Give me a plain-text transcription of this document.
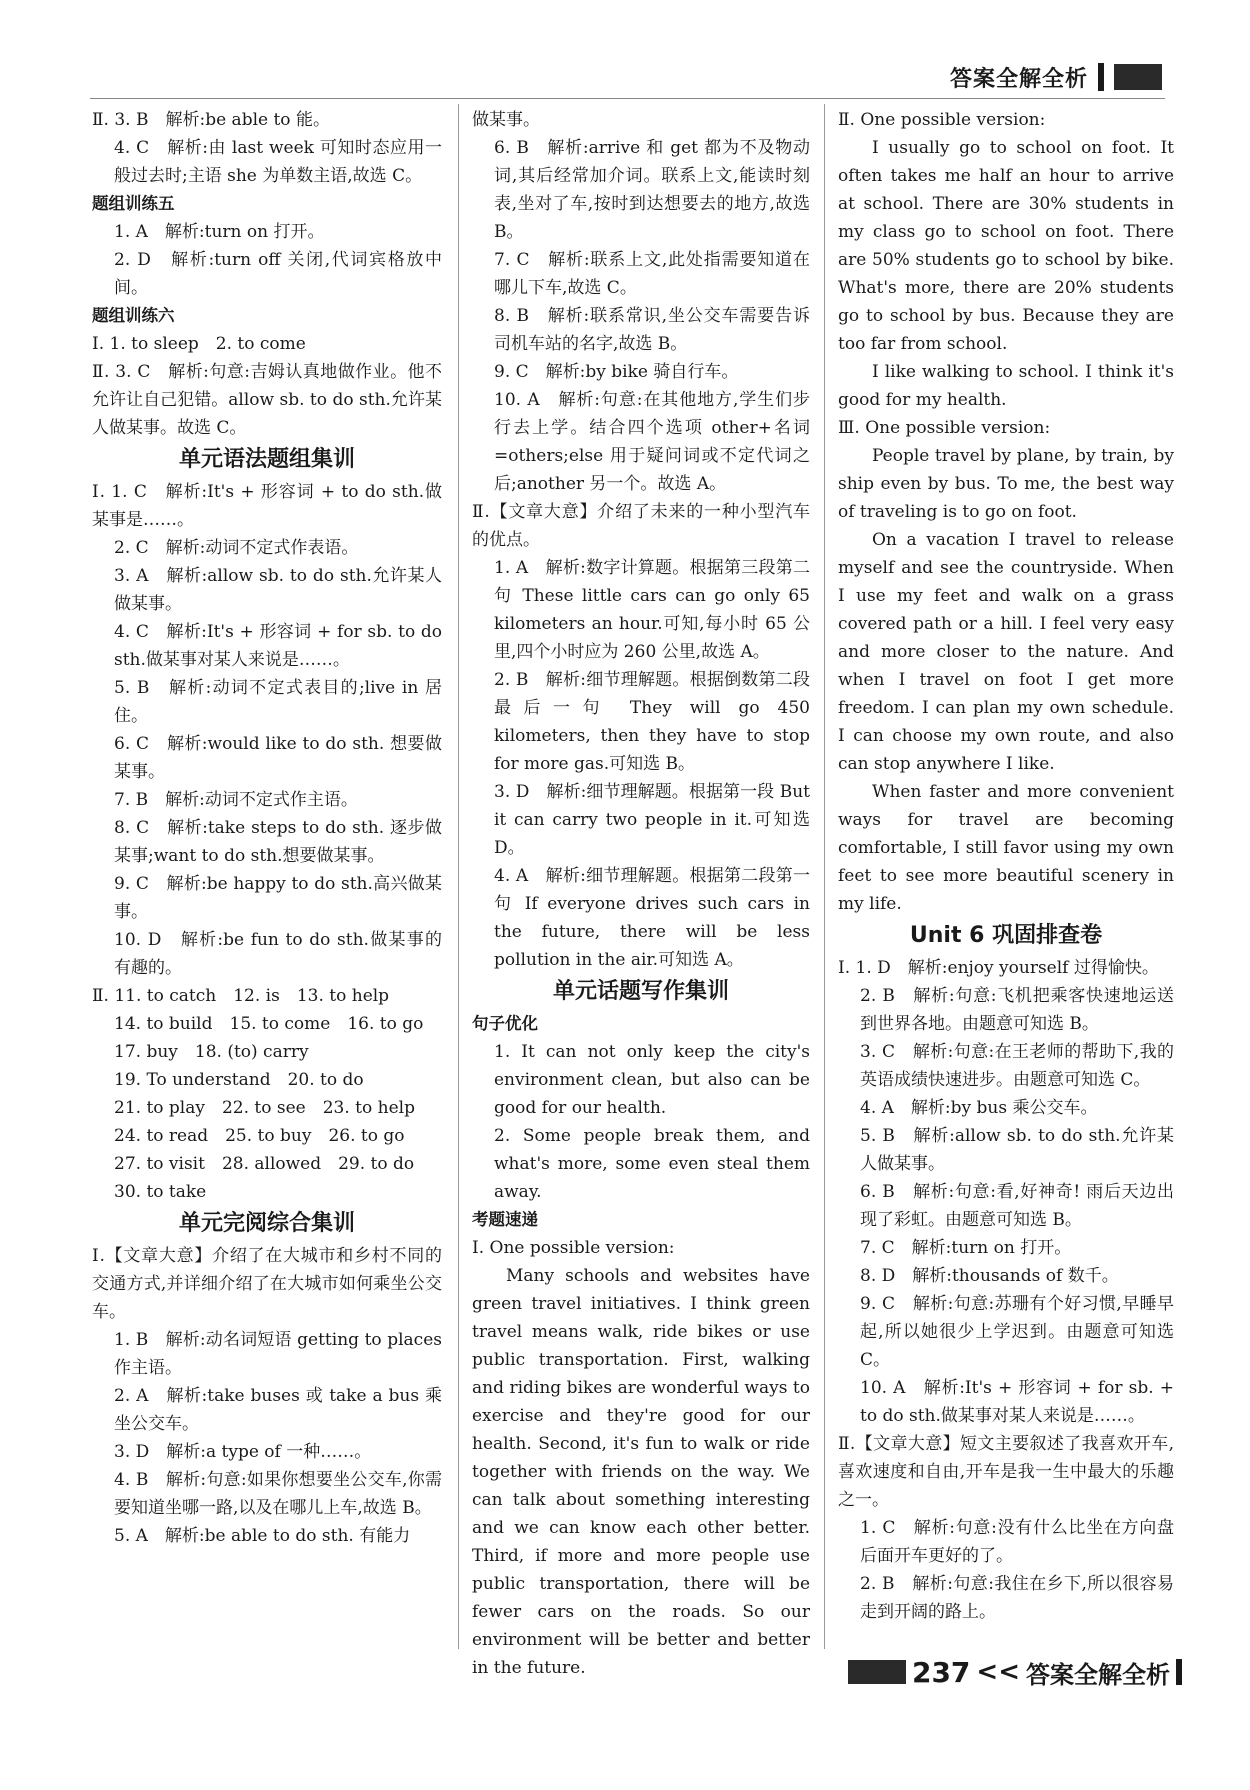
答案全解全析
Ⅱ. 3. B　解析:be able to 能。
4. C　解析:由 last week 可知时态应用一般过去时;主语 she 为单数主语,故选 C。
题组训练五
1. A　解析:turn on 打开。
2. D　解析:turn off 关闭,代词宾格放中间。
题组训练六
Ⅰ. 1. to sleep　2. to come
Ⅱ. 3. C　解析:句意:吉姆认真地做作业。他不允许让自己犯错。allow sb. to do sth.允许某人做某事。故选 C。
单元语法题组集训
Ⅰ. 1. C　解析:It's + 形容词 + to do sth.做某事是……。
2. C　解析:动词不定式作表语。
3. A　解析:allow sb. to do sth.允许某人做某事。
4. C　解析:It's + 形容词 + for sb. to do sth.做某事对某人来说是……。
5. B　解析:动词不定式表目的;live in 居住。
6. C　解析:would like to do sth. 想要做某事。
7. B　解析:动词不定式作主语。
8. C　解析:take steps to do sth. 逐步做某事;want to do sth.想要做某事。
9. C　解析:be happy to do sth.高兴做某事。
10. D　解析:be fun to do sth.做某事的有趣的。
Ⅱ. 11. to catch　12. is　13. to help
14. to build　15. to come　16. to go
17. buy　18. (to) carry
19. To understand　20. to do
21. to play　22. to see　23. to help
24. to read　25. to buy　26. to go
27. to visit　28. allowed　29. to do
30. to take
单元完阅综合集训
Ⅰ.【文章大意】介绍了在大城市和乡村不同的交通方式,并详细介绍了在大城市如何乘坐公交车。
1. B　解析:动名词短语 getting to places 作主语。
2. A　解析:take buses 或 take a bus 乘坐公交车。
3. D　解析:a type of 一种……。
4. B　解析:句意:如果你想要坐公交车,你需要知道坐哪一路,以及在哪儿上车,故选 B。
5. A　解析:be able to do sth. 有能力
做某事。
6. B　解析:arrive 和 get 都为不及物动词,其后经常加介词。联系上文,能读时刻表,坐对了车,按时到达想要去的地方,故选 B。
7. C　解析:联系上文,此处指需要知道在哪儿下车,故选 C。
8. B　解析:联系常识,坐公交车需要告诉司机车站的名字,故选 B。
9. C　解析:by bike 骑自行车。
10. A　解析:句意:在其他地方,学生们步行去上学。结合四个选项 other+名词=others;else 用于疑问词或不定代词之后;another 另一个。故选 A。
Ⅱ.【文章大意】介绍了未来的一种小型汽车的优点。
1. A　解析:数字计算题。根据第三段第二句 These little cars can go only 65 kilometers an hour.可知,每小时 65 公里,四个小时应为 260 公里,故选 A。
2. B　解析:细节理解题。根据倒数第二段最后一句 They will go 450 kilometers, then they have to stop for more gas.可知选 B。
3. D　解析:细节理解题。根据第一段 But it can carry two people in it.可知选 D。
4. A　解析:细节理解题。根据第二段第一句 If everyone drives such cars in the future, there will be less pollution in the air.可知选 A。
单元话题写作集训
句子优化
1. It can not only keep the city's environment clean, but also can be good for our health.
2. Some people break them, and what's more, some even steal them away.
考题速递
Ⅰ. One possible version:
Many schools and websites have green travel initiatives. I think green travel means walk, ride bikes or use public transportation. First, walking and riding bikes are wonderful ways to exercise and they're good for our health. Second, it's fun to walk or ride together with friends on the way. We can talk about something interesting and we can know each other better. Third, if more and more people use public transportation, there will be fewer cars on the roads. So our environment will be better and better in the future.
Ⅱ. One possible version:
I usually go to school on foot. It often takes me half an hour to arrive at school. There are 30% students in my class go to school on foot. There are 50% students go to school by bike. What's more, there are 20% students go to school by bus. Because they are too far from school.
I like walking to school. I think it's good for my health.
Ⅲ. One possible version:
People travel by plane, by train, by ship even by bus. To me, the best way of traveling is to go on foot.
On a vacation I travel to release myself and see the countryside. When I use my feet and walk on a grass covered path or a hill. I feel very easy and more closer to the nature. And when I travel on foot I get more freedom. I can plan my own schedule. I can choose my own route, and also can stop anywhere I like.
When faster and more convenient ways for travel are becoming comfortable, I still favor using my own feet to see more beautiful scenery in my life.
Unit 6 巩固排查卷
Ⅰ. 1. D　解析:enjoy yourself 过得愉快。
2. B　解析:句意:飞机把乘客快速地运送到世界各地。由题意可知选 B。
3. C　解析:句意:在王老师的帮助下,我的英语成绩快速进步。由题意可知选 C。
4. A　解析:by bus 乘公交车。
5. B　解析:allow sb. to do sth.允许某人做某事。
6. B　解析:句意:看,好神奇! 雨后天边出现了彩虹。由题意可知选 B。
7. C　解析:turn on 打开。
8. D　解析:thousands of 数千。
9. C　解析:句意:苏珊有个好习惯,早睡早起,所以她很少上学迟到。由题意可知选 C。
10. A　解析:It's + 形容词 + for sb. + to do sth.做某事对某人来说是……。
Ⅱ.【文章大意】短文主要叙述了我喜欢开车,喜欢速度和自由,开车是我一生中最大的乐趣之一。
1. C　解析:句意:没有什么比坐在方向盘后面开车更好的了。
2. B　解析:句意:我住在乡下,所以很容易走到开阔的路上。
237 << 答案全解全析
